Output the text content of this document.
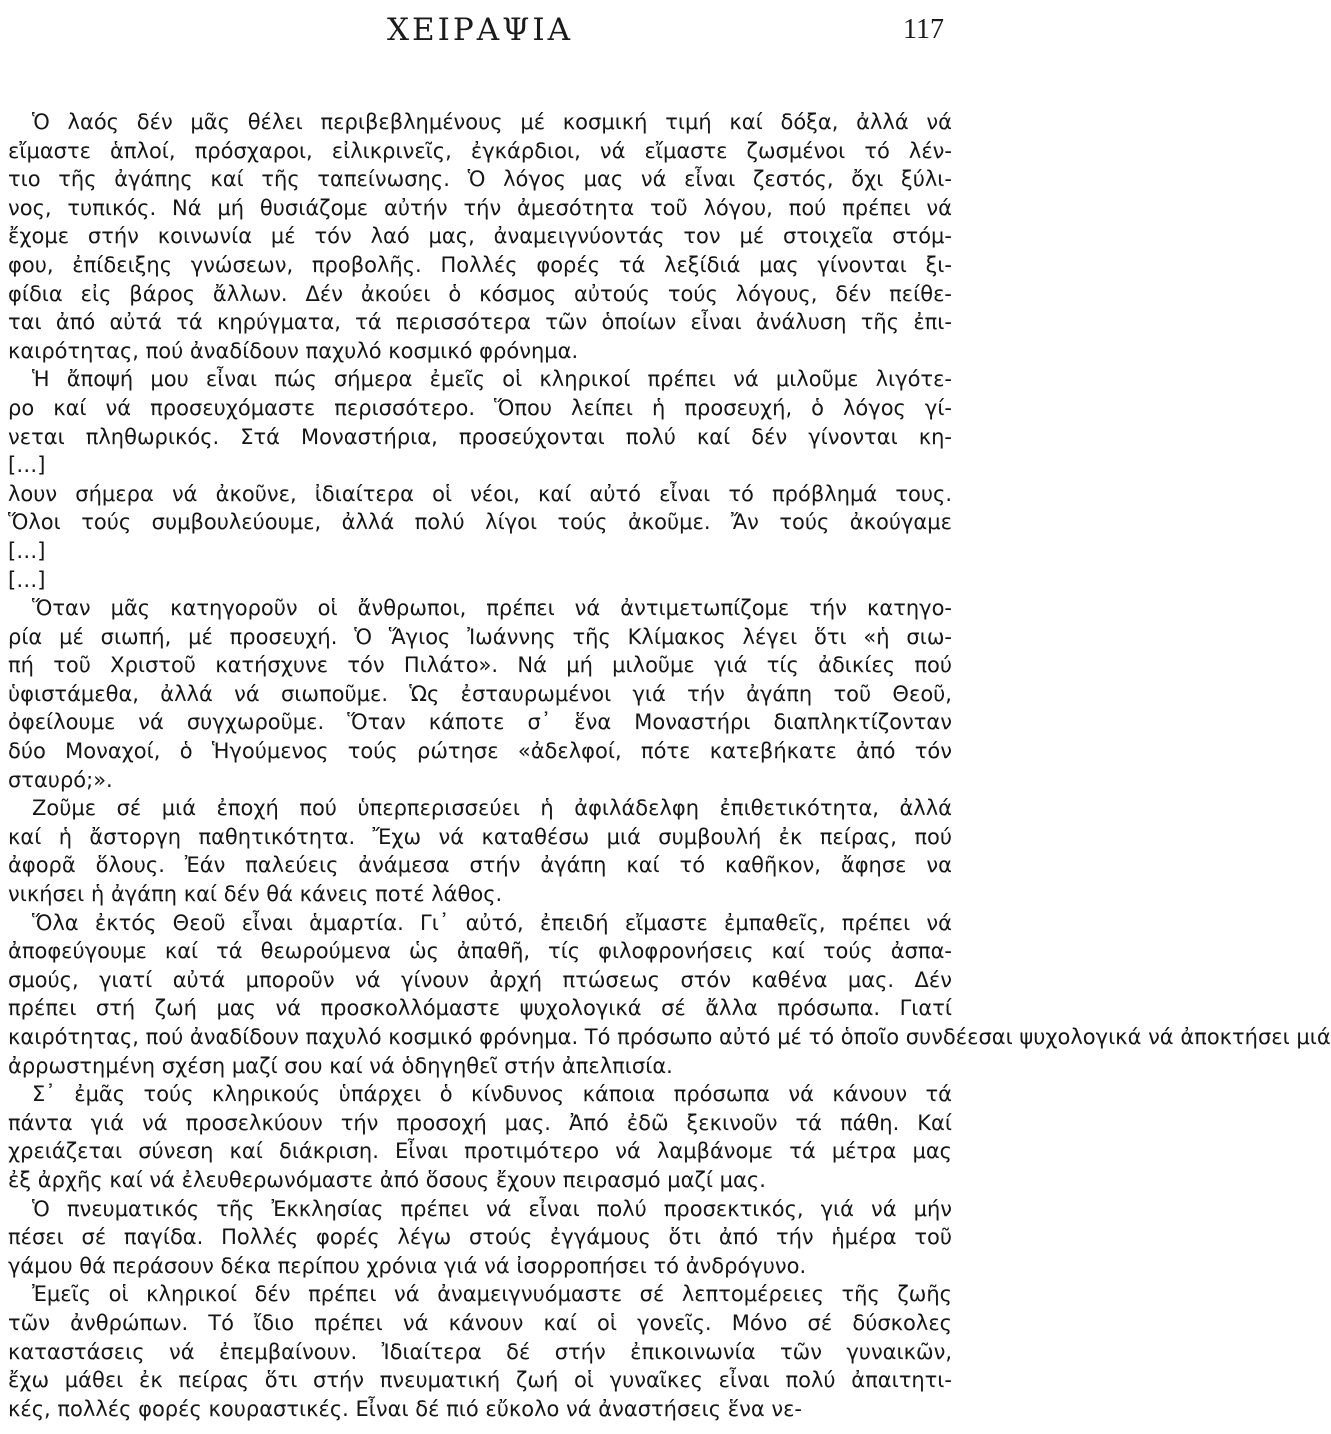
ΧΕΙΡΑΨΙΑ	117
Ὁ λαός δέν μᾶς θέλει περιβεβλημένους μέ κοσμική τιμή καί δόξα, ἀλλά νά
εἴμαστε ἁπλοί, πρόσχαροι, εἰλικρινεῖς, ἐγκάρδιοι, νά εἴμαστε ζωσμένοι τό λέν-
τιο τῆς ἀγάπης καί τῆς ταπείνωσης. Ὁ λόγος μας νά εἶναι ζεστός, ὄχι ξύλι-
νος, τυπικός. Νά μή θυσιάζομε αὐτήν τήν ἀμεσότητα τοῦ λόγου, πού πρέπει νά
ἔχομε στήν κοινωνία μέ τόν λαό μας, ἀναμειγνύοντάς τον μέ στοιχεῖα στόμ-
φου, ἐπίδειξης γνώσεων, προβολῆς. Πολλές φορές τά λεξίδιά μας γίνονται ξι-
φίδια εἰς βάρος ἄλλων. Δέν ἀκούει ὁ κόσμος αὐτούς τούς λόγους, δέν πείθε-
ται ἀπό αὐτά τά κηρύγματα, τά περισσότερα τῶν ὁποίων εἶναι ἀνάλυση τῆς ἐπι-
καιρότητας, πού ἀναδίδουν παχυλό κοσμικό φρόνημα.
Ἡ ἄποψή μου εἶναι πώς σήμερα ἐμεῖς οἱ κληρικοί πρέπει νά μιλοῦμε λιγότε-
ρο καί νά προσευχόμαστε περισσότερο. Ὅπου λείπει ἡ προσευχή, ὁ λόγος γί-
νεται πληθωρικός. Στά Μοναστήρια, προσεύχονται πολύ καί δέν γίνονται κη-
[…]
λουν σήμερα νά ἀκοῦνε, ἰδιαίτερα οἱ νέοι, καί αὐτό εἶναι τό πρόβλημά τους.
Ὅλοι τούς συμβουλεύουμε, ἀλλά πολύ λίγοι τούς ἀκοῦμε. Ἄν τούς ἀκούγαμε
[…]
[…]
Ὅταν μᾶς κατηγοροῦν οἱ ἄνθρωποι, πρέπει νά ἀντιμετωπίζομε τήν κατηγο-
ρία μέ σιωπή, μέ προσευχή. Ὁ Ἅγιος Ἰωάννης τῆς Κλίμακος λέγει ὅτι «ἡ σιω-
πή τοῦ Χριστοῦ κατήσχυνε τόν Πιλάτο». Νά μή μιλοῦμε γιά τίς ἀδικίες πού
ὑφιστάμεθα, ἀλλά νά σιωποῦμε. Ὡς ἐσταυρωμένοι γιά τήν ἀγάπη τοῦ Θεοῦ,
ὀφείλουμε νά συγχωροῦμε. Ὅταν κάποτε σ᾽ ἕνα Μοναστήρι διαπληκτίζονταν
δύο Μοναχοί, ὁ Ἡγούμενος τούς ρώτησε «ἀδελφοί, πότε κατεβήκατε ἀπό τόν
σταυρό;».
Ζοῦμε σέ μιά ἐποχή πού ὑπερπερισσεύει ἡ ἀφιλάδελφη ἐπιθετικότητα, ἀλλά
καί ἡ ἄστοργη παθητικότητα. Ἔχω νά καταθέσω μιά συμβουλή ἐκ πείρας, πού
ἀφορᾶ ὅλους. Ἐάν παλεύεις ἀνάμεσα στήν ἀγάπη καί τό καθῆκον, ἄφησε να
νικήσει ἡ ἀγάπη καί δέν θά κάνεις ποτέ λάθος.
Ὅλα ἐκτός Θεοῦ εἶναι ἁμαρτία. Γι᾽ αὐτό, ἐπειδή εἴμαστε ἐμπαθεῖς, πρέπει νά
ἀποφεύγουμε καί τά θεωρούμενα ὡς ἀπαθῆ, τίς φιλοφρονήσεις καί τούς ἀσπα-
σμούς, γιατί αὐτά μποροῦν νά γίνουν ἀρχή πτώσεως στόν καθένα μας. Δέν
πρέπει στή ζωή μας νά προσκολλόμαστε ψυχολογικά σέ ἄλλα πρόσωπα. Γιατί
καιρότητας, πού ἀναδίδουν παχυλό κοσμικό φρόνημα. Τό πρόσωπο αὐτό μέ τό ὁποῖο συνδέεσαι ψυχολογικά νά ἀποκτήσει μιά
ἀρρωστημένη σχέση μαζί σου καί νά ὁδηγηθεῖ στήν ἀπελπισία.
Σ᾽ ἐμᾶς τούς κληρικούς ὑπάρχει ὁ κίνδυνος κάποια πρόσωπα νά κάνουν τά
πάντα γιά νά προσελκύουν τήν προσοχή μας. Ἀπό ἐδῶ ξεκινοῦν τά πάθη. Καί
χρειάζεται σύνεση καί διάκριση. Εἶναι προτιμότερο νά λαμβάνομε τά μέτρα μας
ἐξ ἀρχῆς καί νά ἐλευθερωνόμαστε ἀπό ὅσους ἔχουν πειρασμό μαζί μας.
Ὁ πνευματικός τῆς Ἐκκλησίας πρέπει νά εἶναι πολύ προσεκτικός, γιά νά μήν
πέσει σέ παγίδα. Πολλές φορές λέγω στούς ἐγγάμους ὅτι ἀπό τήν ἡμέρα τοῦ
γάμου θά περάσουν δέκα περίπου χρόνια γιά νά ἰσορροπήσει τό ἀνδρόγυνο.
Ἐμεῖς οἱ κληρικοί δέν πρέπει νά ἀναμειγνυόμαστε σέ λεπτομέρειες τῆς ζωῆς
τῶν ἀνθρώπων. Τό ἴδιο πρέπει νά κάνουν καί οἱ γονεῖς. Μόνο σέ δύσκολες
καταστάσεις νά ἐπεμβαίνουν. Ἰδιαίτερα δέ στήν ἐπικοινωνία τῶν γυναικῶν,
ἔχω μάθει ἐκ πείρας ὅτι στήν πνευματική ζωή οἱ γυναῖκες εἶναι πολύ ἀπαιτητι-
κές, πολλές φορές κουραστικές. Εἶναι δέ πιό εὔκολο νά ἀναστήσεις ἕνα νε-
